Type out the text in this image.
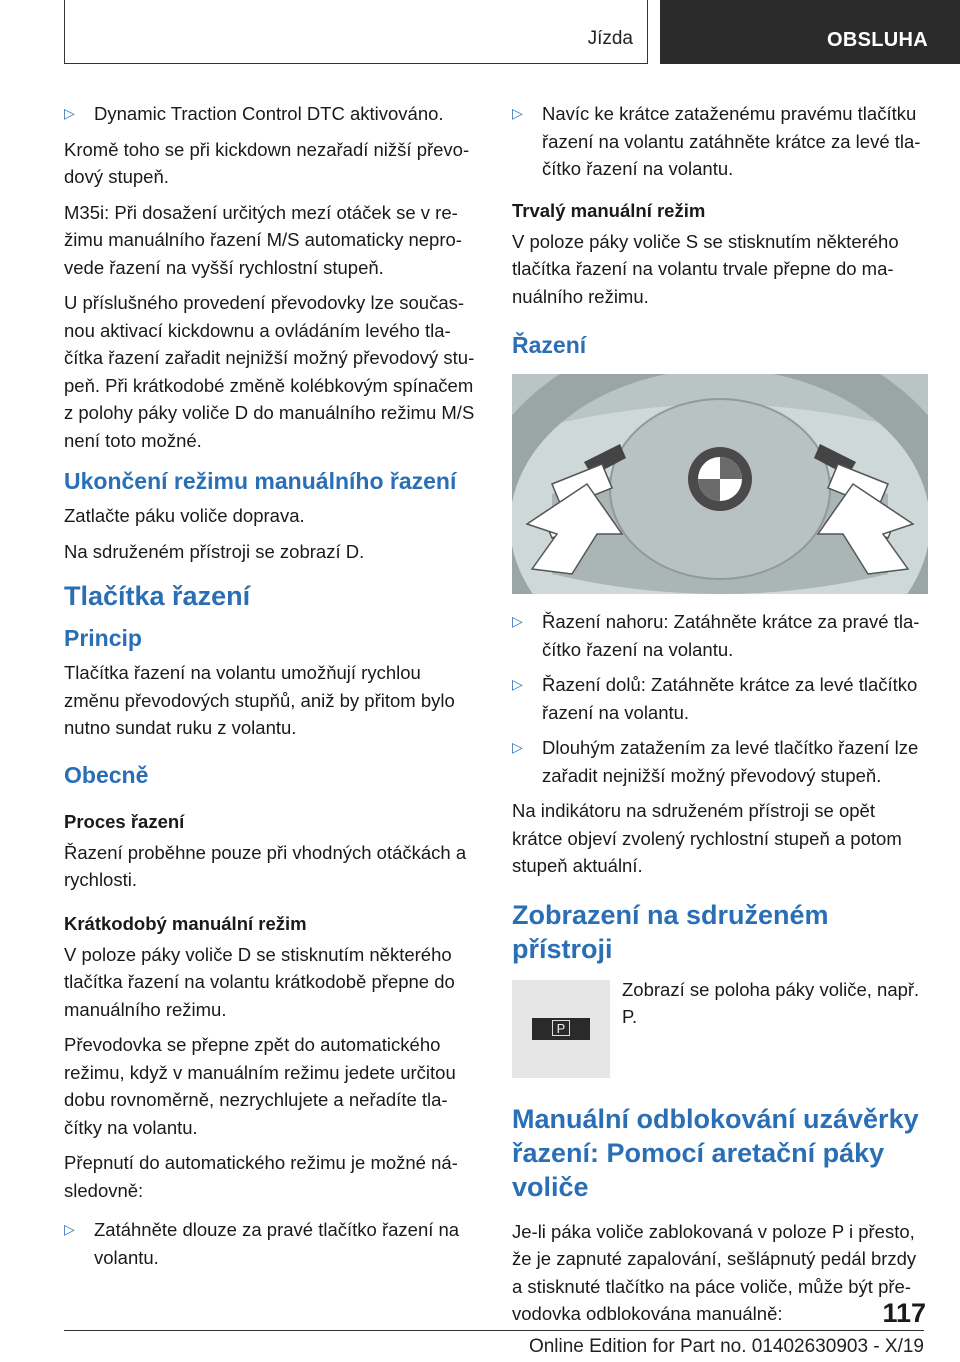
Jízda	OBSLUHA
▷	Dynamic Traction Control DTC aktivováno.

Kromě toho se při kickdown nezařadí nižší převo-dový stupeň.

M35i: Při dosažení určitých mezí otáček se v re-žimu manuálního řazení M/S automaticky nepro-vede řazení na vyšší rychlostní stupeň.

U příslušného provedení převodovky lze součas-nou aktivací kickdownu a ovládáním levého tla-čítka řazení zařadit nejnižší možný převodový stu-peň. Při krátkodobé změně kolébkovým spínačem z polohy páky voliče D do manuálního režimu M/S není toto možné.

Ukončení režimu manuálního řazení

Zatlačte páku voliče doprava.

Na sdruženém přístroji se zobrazí D.

Tlačítka řazení
Princip

Tlačítka řazení na volantu umožňují rychlou změnu převodových stupňů, aniž by přitom bylo nutno sundat ruku z volantu.

Obecně
Proces řazení

Řazení proběhne pouze při vhodných otáčkách a rychlosti.

Krátkodobý manuální režim

V poloze páky voliče D se stisknutím některého tlačítka řazení na volantu krátkodobě přepne do manuálního režimu.

Převodovka se přepne zpět do automatického režimu, když v manuálním režimu jedete určitou dobu rovnoměrně, nezrychlujete a neřadíte tla-čítky na volantu.

Přepnutí do automatického režimu je možné ná-sledovně:

▷	Zatáhněte dlouze za pravé tlačítko řazení na volantu.
▷	Navíc ke krátce zataženému pravému tlačítku řazení na volantu zatáhněte krátce za levé tla-čítko řazení na volantu.
Trvalý manuální režim

V poloze páky voliče S se stisknutím některého tlačítka řazení na volantu trvale přepne do ma-nuálního režimu.

Řazení
▷	Řazení nahoru: Zatáhněte krátce za pravé tla-čítko řazení na volantu.
▷	Řazení dolů: Zatáhněte krátce za levé tlačítko řazení na volantu.
▷	Dlouhým zatažením za levé tlačítko řazení lze zařadit nejnižší možný převodový stupeň.

Na indikátoru na sdruženém přístroji se opět krátce objeví zvolený rychlostní stupeň a potom stupeň aktuální.

Zobrazení na sdruženém přístroji
P

Zobrazí se poloha páky voliče, např. P.

Manuální odblokování uzávěrky řazení: Pomocí aretační páky voliče

Je-li páka voliče zablokovaná v poloze P i přesto, že je zapnuté zapalování, sešlápnutý pedál brzdy a stisknuté tlačítko na páce voliče, může být pře-vodovka odblokována manuálně:	117
Online Edition for Part no. 01402630903 - X/19
